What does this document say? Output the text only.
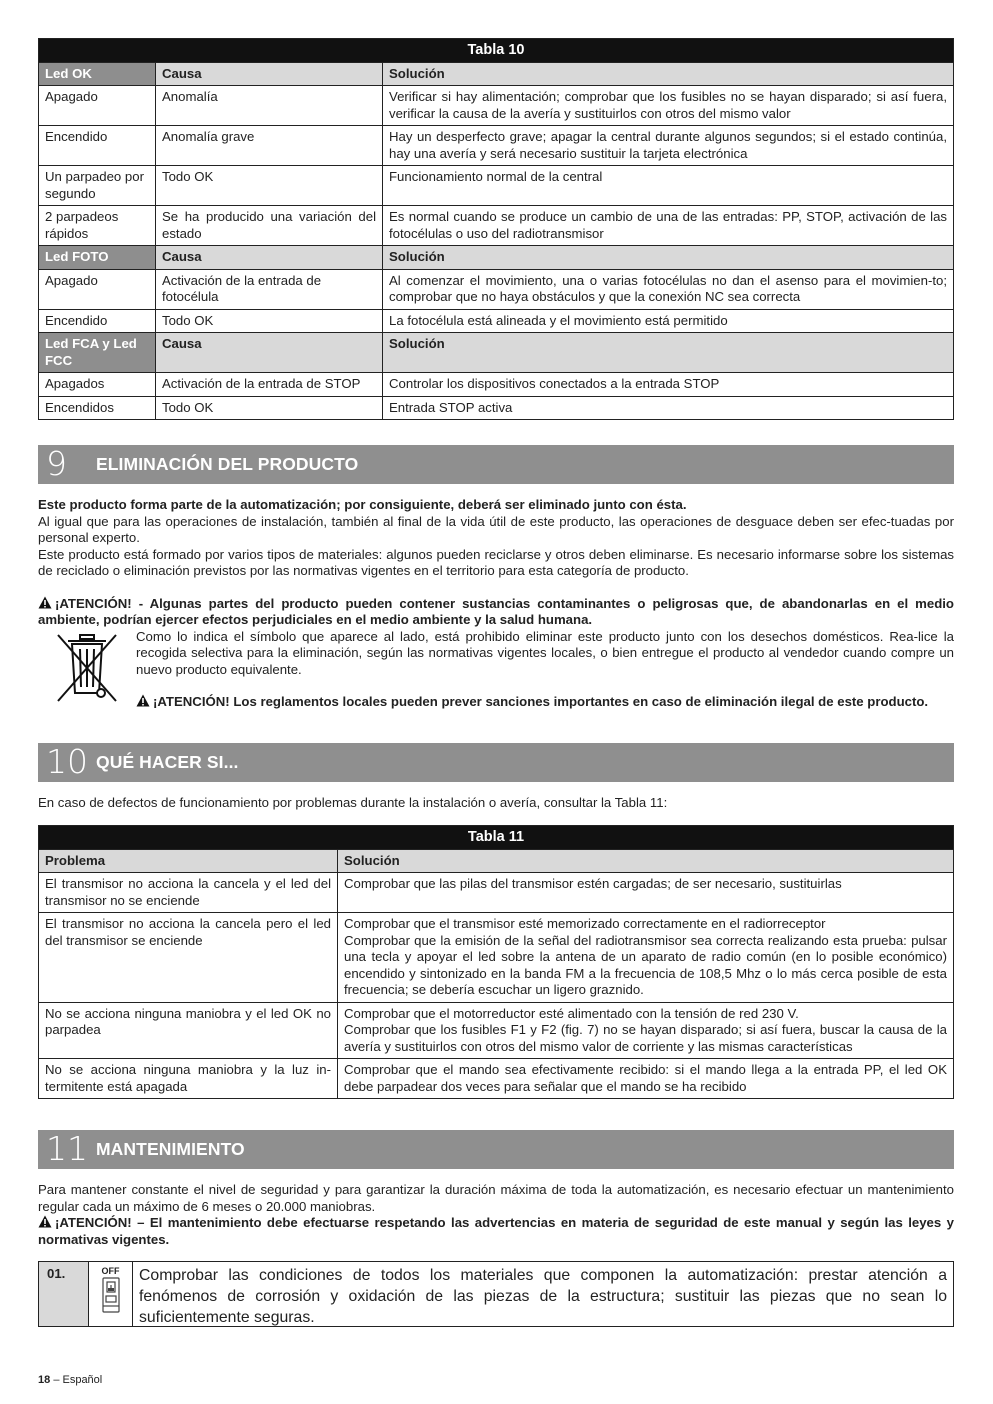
Tabla 10		
Led OK	Causa	Solución
Apagado	Anomalía	Verificar si hay alimentación; comprobar que los fusibles no se hayan disparado; si así fuera, verificar la causa de la avería y sustituirlos con otros del mismo valor
Encendido	Anomalía grave	Hay un desperfecto grave; apagar la central durante algunos segundos; si el estado continúa, hay una avería y será necesario sustituir la tarjeta electrónica
Un parpadeo por segundo	Todo OK	Funcionamiento normal de la central
2 parpadeos rápidos	Se ha producido una variación del estado	Es normal cuando se produce un cambio de una de las entradas: PP, STOP, activación de las fotocélulas o uso del radiotransmisor
Led FOTO	Causa	Solución
Apagado	Activación de la entrada de fotocélula	Al comenzar el movimiento, una o varias fotocélulas no dan el asenso para el movimien-to; comprobar que no haya obstáculos y que la conexión NC sea correcta
Encendido	Todo OK	La fotocélula está alineada y el movimiento está permitido
Led FCA y Led FCC	Causa	Solución
Apagados	Activación de la entrada de STOP	Controlar los dispositivos conectados a la entrada STOP
Encendidos	Todo OK	Entrada STOP activa
9	ELIMINACIÓN DEL PRODUCTO

Este producto forma parte de la automatización; por consiguiente, deberá ser eliminado junto con ésta.

Al igual que para las operaciones de instalación, también al final de la vida útil de este producto, las operaciones de desguace deben ser efec-tuadas por personal experto.

Este producto está formado por varios tipos de materiales: algunos pueden reciclarse y otros deben eliminarse. Es necesario informarse sobre los sistemas de reciclado o eliminación previstos por las normativas vigentes en el territorio para esta categoría de producto.

¡ATENCIÓN! - Algunas partes del producto pueden contener sustancias contaminantes o peligrosas que, de abandonarlas en el medio ambiente, podrían ejercer efectos perjudiciales en el medio ambiente y la salud humana.

Como lo indica el símbolo que aparece al lado, está prohibido eliminar este producto junto con los desechos domésticos. Rea-lice la recogida selectiva para la eliminación, según las normativas vigentes locales, o bien entregue el producto al vendedor cuando compre un nuevo producto equivalente.

¡ATENCIÓN! Los reglamentos locales pueden prever sanciones importantes en caso de eliminación ilegal de este producto.

10 QUÉ HACER SI...

En caso de defectos de funcionamiento por problemas durante la instalación o avería, consultar la Tabla 11:

Tabla 11	
Problema	Solución
El transmisor no acciona la cancela y el led del transmisor no se enciende	Comprobar que las pilas del transmisor estén cargadas; de ser necesario, sustituirlas
El transmisor no acciona la cancela pero el led del transmisor se enciende	Comprobar que el transmisor esté memorizado correctamente en el radiorreceptor
Comprobar que la emisión de la señal del radiotransmisor sea correcta realizando esta prueba: pulsar una tecla y apoyar el led sobre la antena de un aparato de radio común (en lo posible económico) encendido y sintonizado en la banda FM a la frecuencia de 108,5 Mhz o lo más cerca posible de esta frecuencia; se debería escuchar un ligero graznido.
No se acciona ninguna maniobra y el led OK no parpadea	Comprobar que el motorreductor esté alimentado con la tensión de red 230 V.
Comprobar que los fusibles F1 y F2 (fig. 7) no se hayan disparado; si así fuera, buscar la causa de la avería y sustituirlos con otros del mismo valor de corriente y las mismas características
No se acciona ninguna maniobra y la luz in-termitente está apagada	Comprobar que el mando sea efectivamente recibido: si el mando llega a la entrada PP, el led OK debe parpadear dos veces para señalar que el mando se ha recibido
11 MANTENIMIENTO

Para mantener constante el nivel de seguridad y para garantizar la duración máxima de toda la automatización, es necesario efectuar un mantenimiento regular cada un máximo de 6 meses o 20.000 maniobras.

¡ATENCIÓN! – El mantenimiento debe efectuarse respetando las advertencias en materia de seguridad de este manual y según las leyes y normativas vigentes.

01.	OFF	Comprobar las condiciones de todos los materiales que componen la automatización: prestar atención a fenómenos de corrosión y oxidación de las piezas de la estructura; sustituir las piezas que no sean lo suficientemente seguras.
18 – Español
